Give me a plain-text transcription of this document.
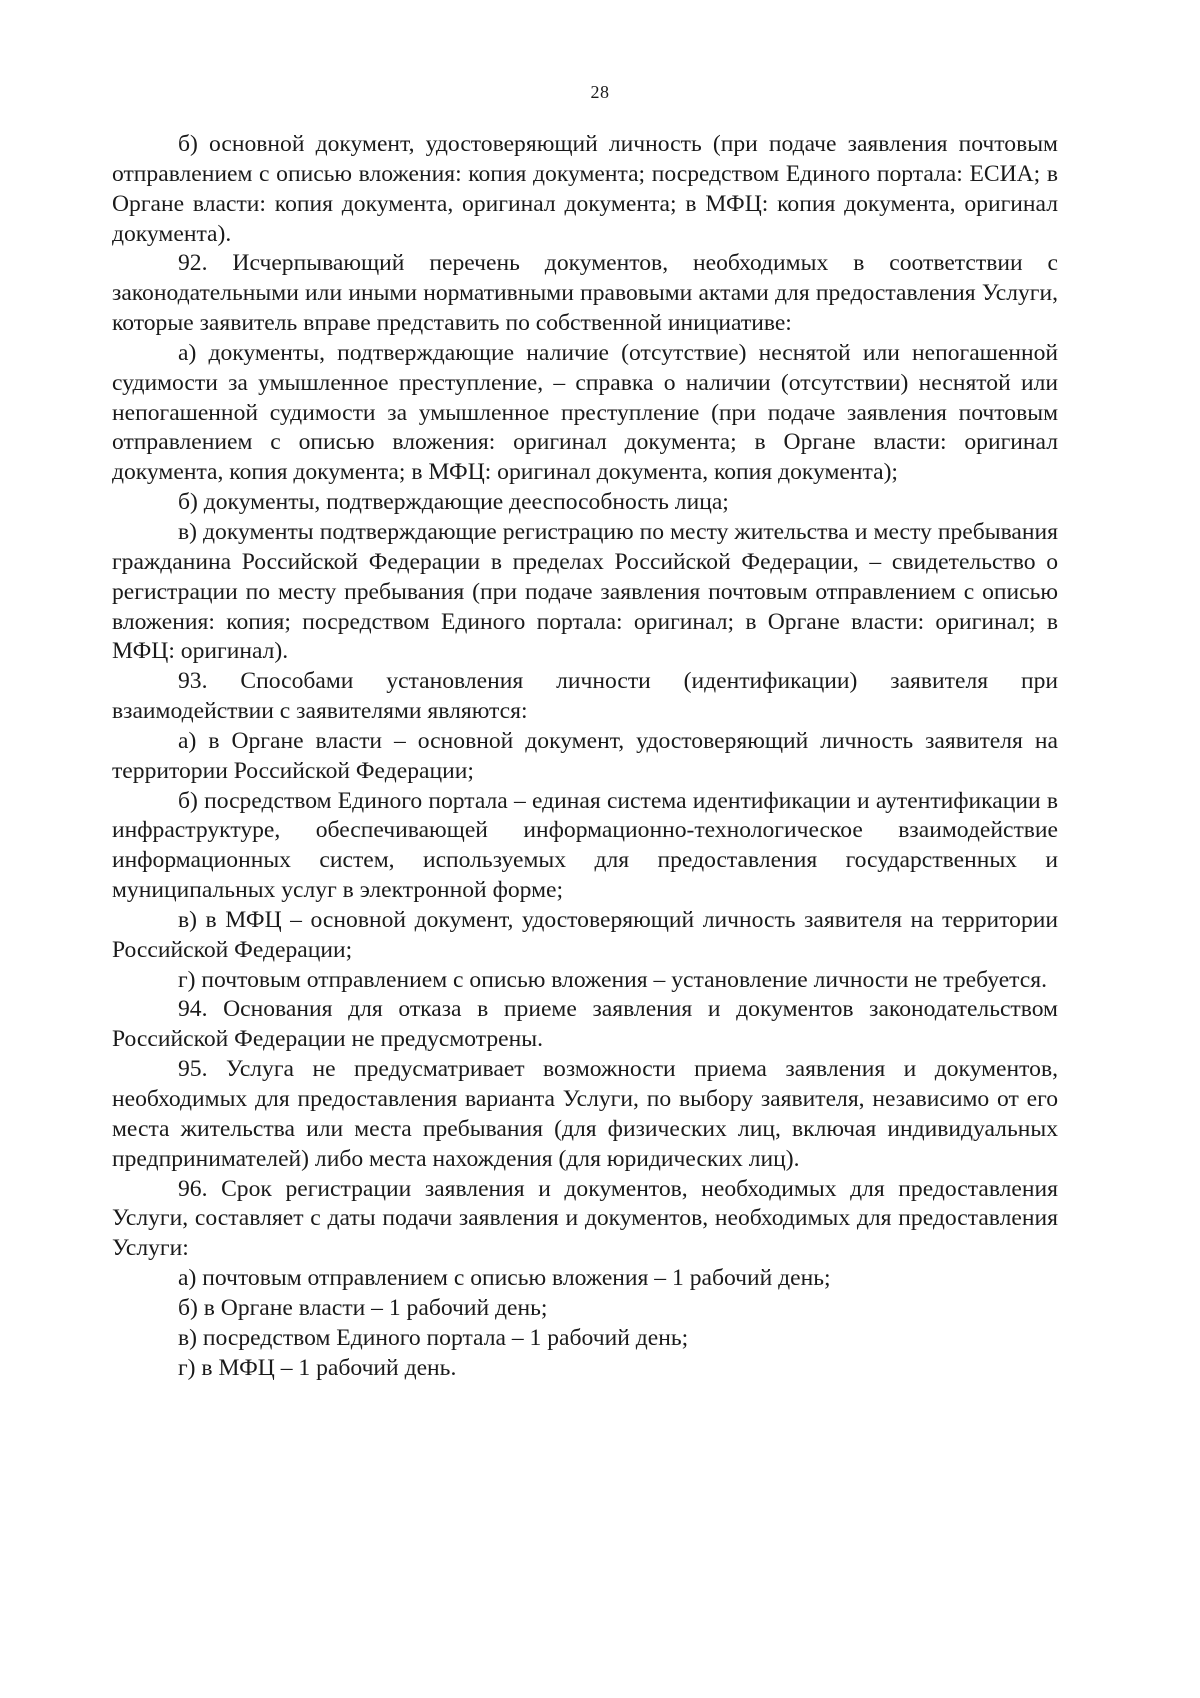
28

б) основной документ, удостоверяющий личность (при подаче заявления почтовым отправлением с описью вложения: копия документа; посредством Единого портала: ЕСИА; в Органе власти: копия документа, оригинал документа; в МФЦ: копия документа, оригинал документа).

92. Исчерпывающий перечень документов, необходимых в соответствии с законодательными или иными нормативными правовыми актами для предоставления Услуги, которые заявитель вправе представить по собственной инициативе:

а) документы, подтверждающие наличие (отсутствие) неснятой или непогашенной судимости за умышленное преступление, – справка о наличии (отсутствии) неснятой или непогашенной судимости за умышленное преступление (при подаче заявления почтовым отправлением с описью вложения: оригинал документа; в Органе власти: оригинал документа, копия документа; в МФЦ: оригинал документа, копия документа);

б) документы, подтверждающие дееспособность лица;

в) документы подтверждающие регистрацию по месту жительства и месту пребывания гражданина Российской Федерации в пределах Российской Федерации, – свидетельство о регистрации по месту пребывания (при подаче заявления почтовым отправлением с описью вложения: копия; посредством Единого портала: оригинал; в Органе власти: оригинал; в МФЦ: оригинал).

93. Способами установления личности (идентификации) заявителя при взаимодействии с заявителями являются:

а) в Органе власти – основной документ, удостоверяющий личность заявителя на территории Российской Федерации;

б) посредством Единого портала – единая система идентификации и аутентификации в инфраструктуре, обеспечивающей информационно-технологическое взаимодействие информационных систем, используемых для предоставления государственных и муниципальных услуг в электронной форме;

в) в МФЦ – основной документ, удостоверяющий личность заявителя на территории Российской Федерации;

г) почтовым отправлением с описью вложения – установление личности не требуется.

94. Основания для отказа в приеме заявления и документов законодательством Российской Федерации не предусмотрены.

95. Услуга не предусматривает возможности приема заявления и документов, необходимых для предоставления варианта Услуги, по выбору заявителя, независимо от его места жительства или места пребывания (для физических лиц, включая индивидуальных предпринимателей) либо места нахождения (для юридических лиц).

96. Срок регистрации заявления и документов, необходимых для предоставления Услуги, составляет с даты подачи заявления и документов, необходимых для предоставления Услуги:

а) почтовым отправлением с описью вложения – 1 рабочий день;

б) в Органе власти – 1 рабочий день;

в) посредством Единого портала – 1 рабочий день;

г) в МФЦ – 1 рабочий день.
